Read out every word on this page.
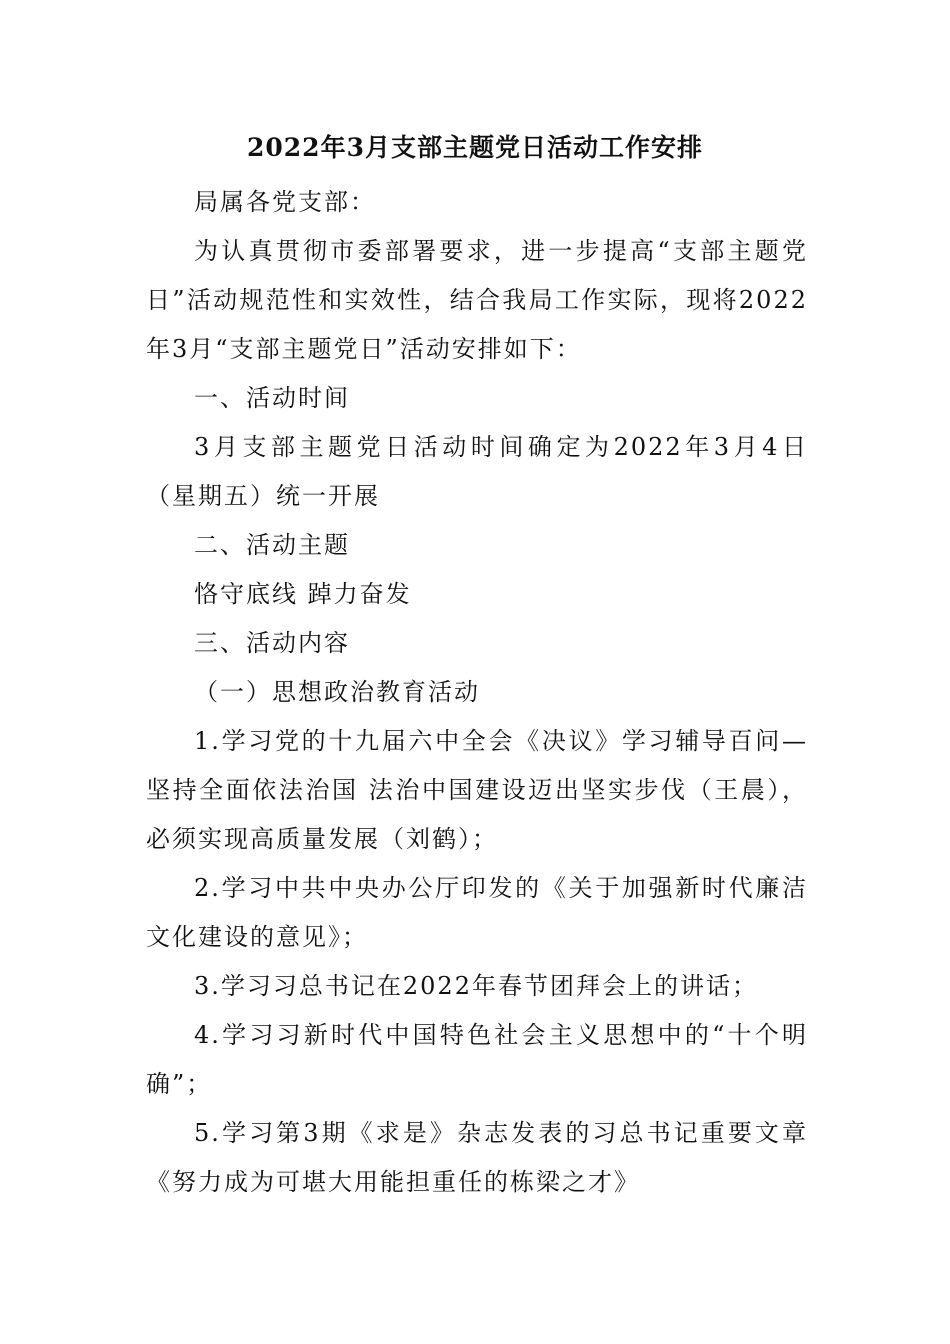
2022年3月支部主题党日活动工作安排

局属各党支部：

为认真贯彻市委部署要求，进一步提高“支部主题党日”活动规范性和实效性，结合我局工作实际，现将2022年3月“支部主题党日”活动安排如下：

一、活动时间

3月支部主题党日活动时间确定为2022年3月4日（星期五）统一开展

二、活动主题

恪守底线 踔力奋发

三、活动内容

（一）思想政治教育活动

1.学习党的十九届六中全会《决议》学习辅导百问—坚持全面依法治国 法治中国建设迈出坚实步伐（王晨），必须实现高质量发展（刘鹤）；

2.学习中共中央办公厅印发的《关于加强新时代廉洁文化建设的意见》；

3.学习习总书记在2022年春节团拜会上的讲话；

4.学习习新时代中国特色社会主义思想中的“十个明确”；

5.学习第3期《求是》杂志发表的习总书记重要文章《努力成为可堪大用能担重任的栋梁之才》
